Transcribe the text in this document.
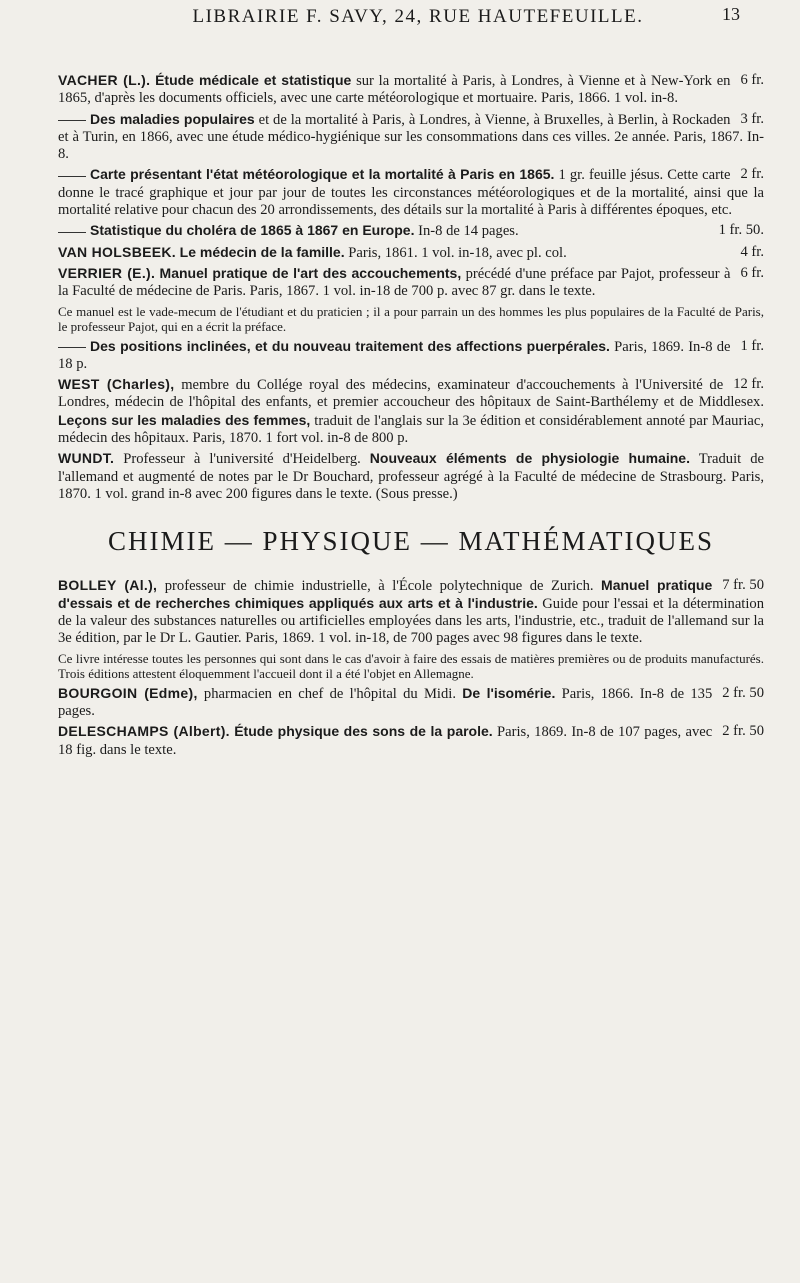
LIBRAIRIE F. SAVY, 24, RUE HAUTEFEUILLE.	13

6 fr.
VACHER (L.). Étude médicale et statistique sur la mortalité à Paris, à Londres, à Vienne et à New-York en 1865, d'après les documents officiels, avec une carte météorologique et mortuaire. Paris, 1866. 1 vol. in-8.

3 fr.
Des maladies populaires et de la mortalité à Paris, à Londres, à Vienne, à Bruxelles, à Berlin, à Rockaden et à Turin, en 1866, avec une étude médico-hygiénique sur les consommations dans ces villes. 2e année. Paris, 1867. In-8.

2 fr.
Carte présentant l'état météorologique et la mortalité à Paris en 1865. 1 gr. feuille jésus. Cette carte donne le tracé graphique et jour par jour de toutes les circonstances météorologiques et de la mortalité, ainsi que la mortalité relative pour chacun des 20 arrondissements, des détails sur la mortalité à Paris à différentes époques, etc.

1 fr. 50.
Statistique du choléra de 1865 à 1867 en Europe. In-8 de 14 pages.

4 fr.
VAN HOLSBEEK. Le médecin de la famille. Paris, 1861. 1 vol. in-18, avec pl. col.

6 fr.
VERRIER (E.). Manuel pratique de l'art des accouchements, précédé d'une préface par Pajot, professeur à la Faculté de médecine de Paris. Paris, 1867. 1 vol. in-18 de 700 p. avec 87 gr. dans le texte.

Ce manuel est le vade-mecum de l'étudiant et du praticien ; il a pour parrain un des hommes les plus populaires de la Faculté de Paris, le professeur Pajot, qui en a écrit la préface.

1 fr.
Des positions inclinées, et du nouveau traitement des affections puerpérales. Paris, 1869. In-8 de 18 p.

12 fr.
WEST (Charles), membre du Collége royal des médecins, examinateur d'accouchements à l'Université de Londres, médecin de l'hôpital des enfants, et premier accoucheur des hôpitaux de Saint-Barthélemy et de Middlesex. Leçons sur les maladies des femmes, traduit de l'anglais sur la 3e édition et considérablement annoté par Mauriac, médecin des hôpitaux. Paris, 1870. 1 fort vol. in-8 de 800 p.

WUNDT. Professeur à l'université d'Heidelberg. Nouveaux éléments de physiologie humaine. Traduit de l'allemand et augmenté de notes par le Dr Bouchard, professeur agrégé à la Faculté de médecine de Strasbourg. Paris, 1870. 1 vol. grand in-8 avec 200 figures dans le texte. (Sous presse.)

CHIMIE — PHYSIQUE — MATHÉMATIQUES

7 fr. 50
BOLLEY (Al.), professeur de chimie industrielle, à l'École polytechnique de Zurich. Manuel pratique d'essais et de recherches chimiques appliqués aux arts et à l'industrie. Guide pour l'essai et la détermination de la valeur des substances naturelles ou artificielles employées dans les arts, l'industrie, etc., traduit de l'allemand sur la 3e édition, par le Dr L. Gautier. Paris, 1869. 1 vol. in-18, de 700 pages avec 98 figures dans le texte.

Ce livre intéresse toutes les personnes qui sont dans le cas d'avoir à faire des essais de matières premières ou de produits manufacturés. Trois éditions attestent éloquemment l'accueil dont il a été l'objet en Allemagne.

2 fr. 50
BOURGOIN (Edme), pharmacien en chef de l'hôpital du Midi. De l'isomérie. Paris, 1866. In-8 de 135 pages.

2 fr. 50
DELESCHAMPS (Albert). Étude physique des sons de la parole. Paris, 1869. In-8 de 107 pages, avec 18 fig. dans le texte.
